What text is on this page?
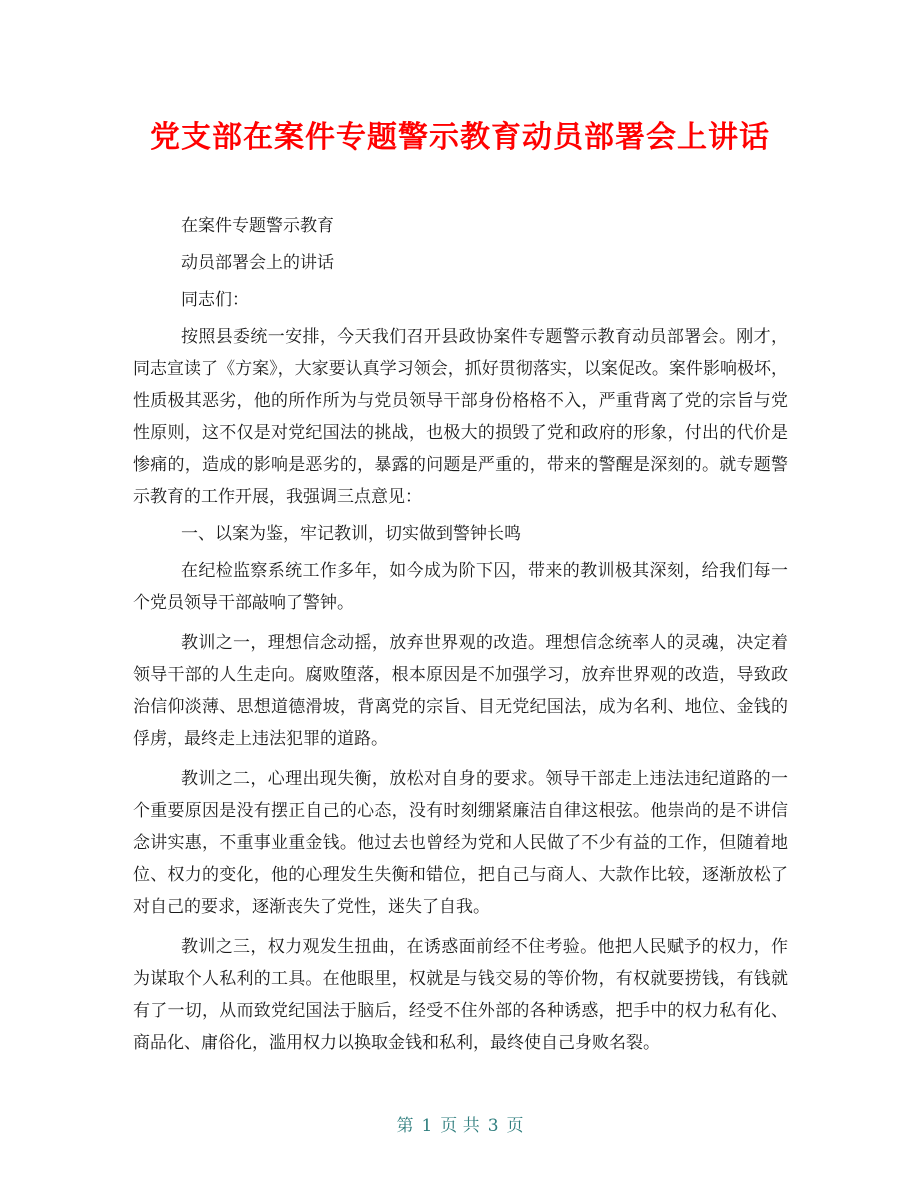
党支部在案件专题警示教育动员部署会上讲话

在案件专题警示教育

动员部署会上的讲话

同志们：

按照县委统一安排，今天我们召开县政协案件专题警示教育动员部署会。刚才，同志宣读了《方案》，大家要认真学习领会，抓好贯彻落实，以案促改。案件影响极坏，性质极其恶劣，他的所作所为与党员领导干部身份格格不入，严重背离了党的宗旨与党性原则，这不仅是对党纪国法的挑战，也极大的损毁了党和政府的形象，付出的代价是惨痛的，造成的影响是恶劣的，暴露的问题是严重的，带来的警醒是深刻的。就专题警示教育的工作开展，我强调三点意见：

一、以案为鉴，牢记教训，切实做到警钟长鸣

在纪检监察系统工作多年，如今成为阶下囚，带来的教训极其深刻，给我们每一个党员领导干部敲响了警钟。

教训之一，理想信念动摇，放弃世界观的改造。理想信念统率人的灵魂，决定着领导干部的人生走向。腐败堕落，根本原因是不加强学习，放弃世界观的改造，导致政治信仰淡薄、思想道德滑坡，背离党的宗旨、目无党纪国法，成为名利、地位、金钱的俘虏，最终走上违法犯罪的道路。

教训之二，心理出现失衡，放松对自身的要求。领导干部走上违法违纪道路的一个重要原因是没有摆正自己的心态，没有时刻绷紧廉洁自律这根弦。他崇尚的是不讲信念讲实惠，不重事业重金钱。他过去也曾经为党和人民做了不少有益的工作，但随着地位、权力的变化，他的心理发生失衡和错位，把自己与商人、大款作比较，逐渐放松了对自己的要求，逐渐丧失了党性，迷失了自我。

教训之三，权力观发生扭曲，在诱惑面前经不住考验。他把人民赋予的权力，作为谋取个人私利的工具。在他眼里，权就是与钱交易的等价物，有权就要捞钱，有钱就有了一切，从而致党纪国法于脑后，经受不住外部的各种诱惑，把手中的权力私有化、商品化、庸俗化，滥用权力以换取金钱和私利，最终使自己身败名裂。

第 1 页 共 3 页
